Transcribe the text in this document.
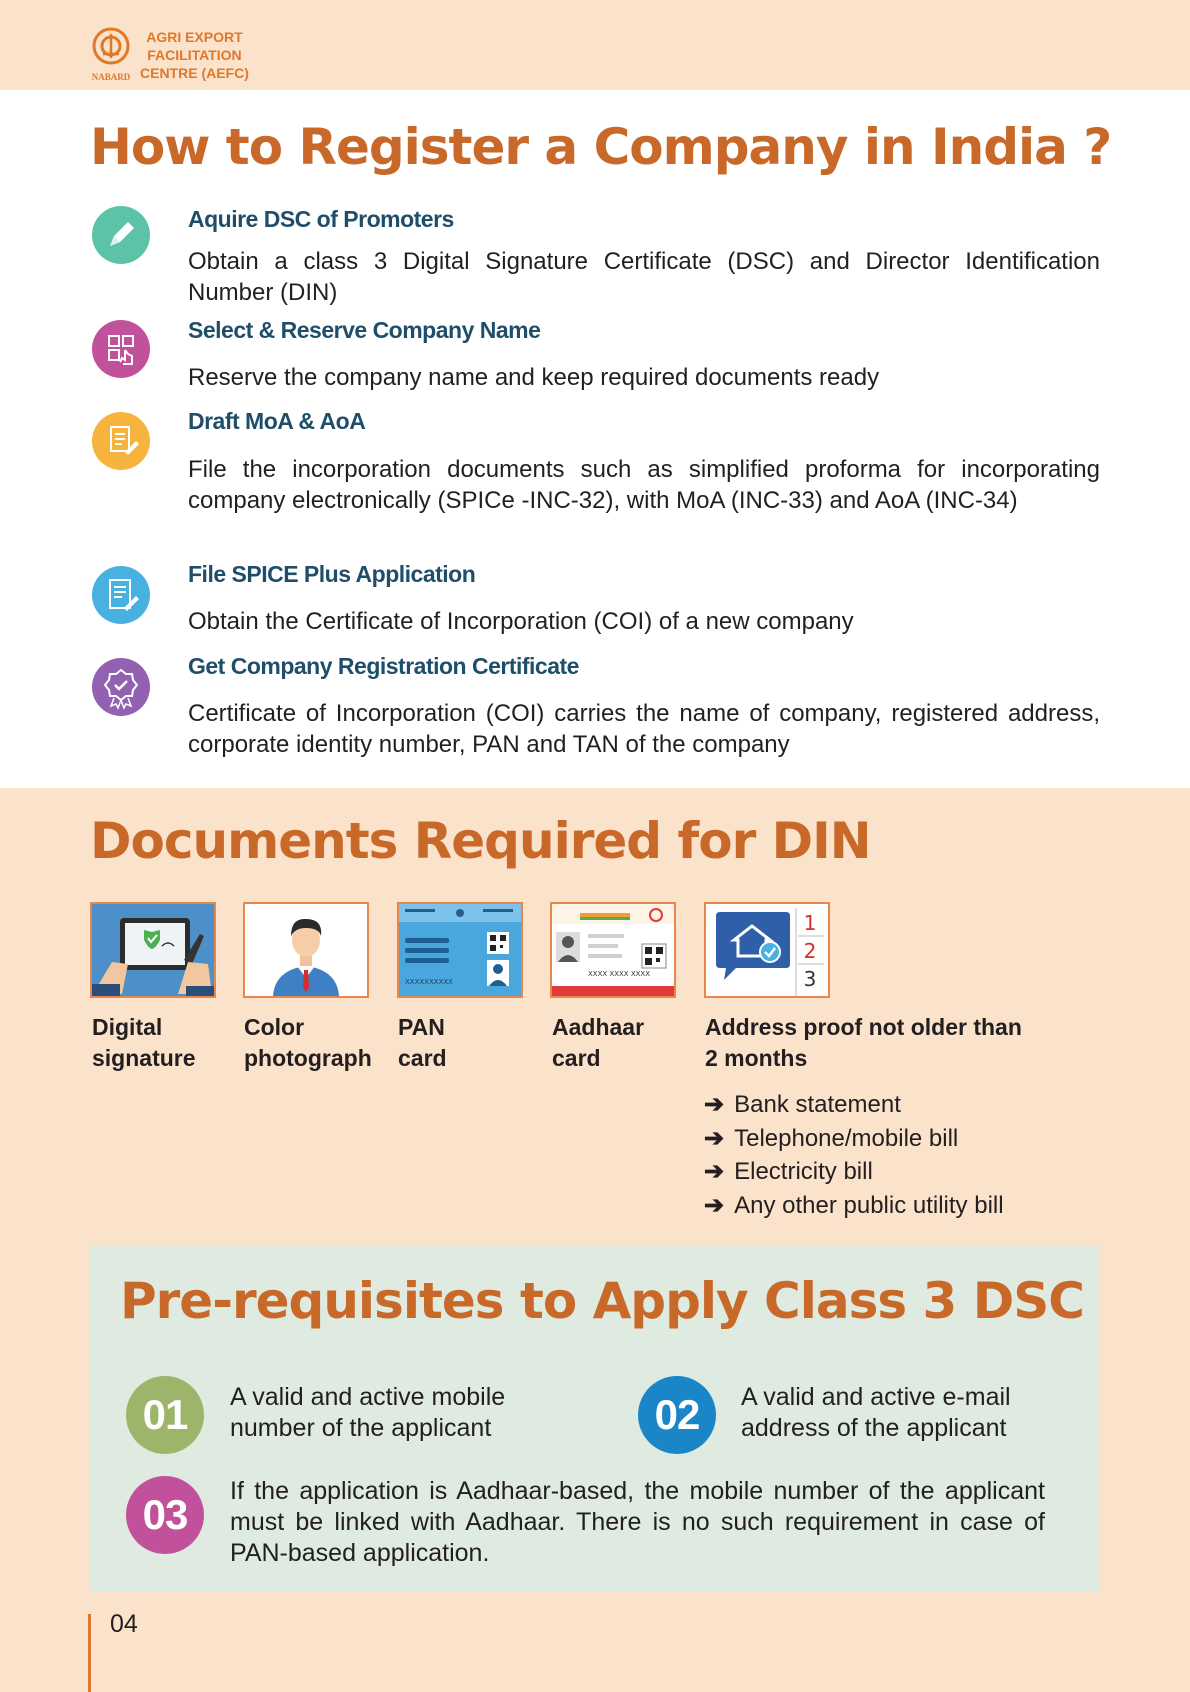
NABARD
AGRI EXPORT
FACILITATION
CENTRE (AEFC)
How to Register a Company in India ?
Aquire DSC of Promoters
Obtain a class 3 Digital Signature Certificate (DSC) and Director Identification Number (DIN)
Select & Reserve Company Name
Reserve the company name and keep required documents ready
Draft MoA & AoA
File the incorporation documents such as simplified proforma for incorporating company electronically (SPICe -INC-32), with MoA (INC-33) and AoA (INC-34)
File SPICE Plus Application
Obtain the Certificate of Incorporation (COI) of a new company
Get Company Registration Certificate
Certificate of Incorporation (COI) carries the name of company, registered address, corporate identity number, PAN and TAN of the company
Documents Required for DIN
XXXXXXXXXX
XXXX XXXX XXXX
1
2
3
Digital
signature
Color
photograph
PAN
card
Aadhaar
card
Address proof not older than
2 months
➔ Bank statement
➔ Telephone/mobile bill
➔ Electricity bill
➔ Any other public utility bill
Pre-requisites to Apply Class 3 DSC
01	A valid and active mobile
number of the applicant	02	A valid and active e-mail
address of the applicant
03	If the application is Aadhaar-based, the mobile number of the applicant must be linked with Aadhaar. There is no such requirement in case of PAN-based application.
04
